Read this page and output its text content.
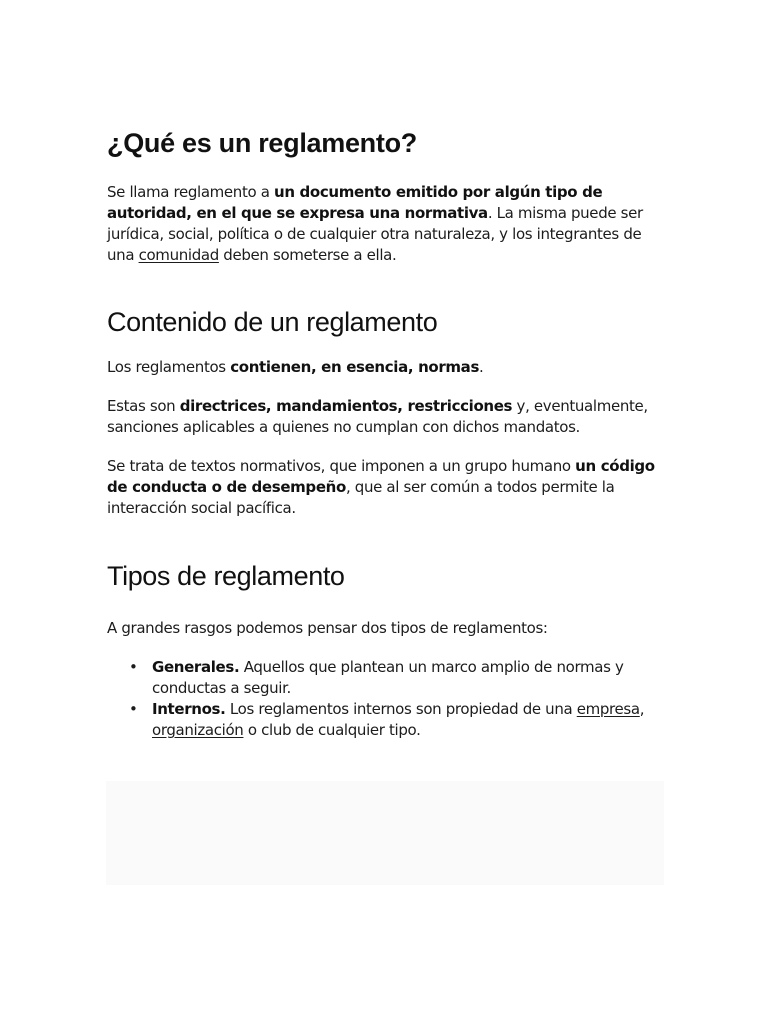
¿Qué es un reglamento?

Se llama reglamento a un documento emitido por algún tipo de autoridad, en el que se expresa una normativa. La misma puede ser jurídica, social, política o de cualquier otra naturaleza, y los integrantes de una comunidad deben someterse a ella.

Contenido de un reglamento

Los reglamentos contienen, en esencia, normas.

Estas son directrices, mandamientos, restricciones y, eventualmente, sanciones aplicables a quienes no cumplan con dichos mandatos.

Se trata de textos normativos, que imponen a un grupo humano un código de conducta o de desempeño, que al ser común a todos permite la interacción social pacífica.

Tipos de reglamento

A grandes rasgos podemos pensar dos tipos de reglamentos:

• Generales. Aquellos que plantean un marco amplio de normas y conductas a seguir.
• Internos. Los reglamentos internos son propiedad de una empresa, organización o club de cualquier tipo.
